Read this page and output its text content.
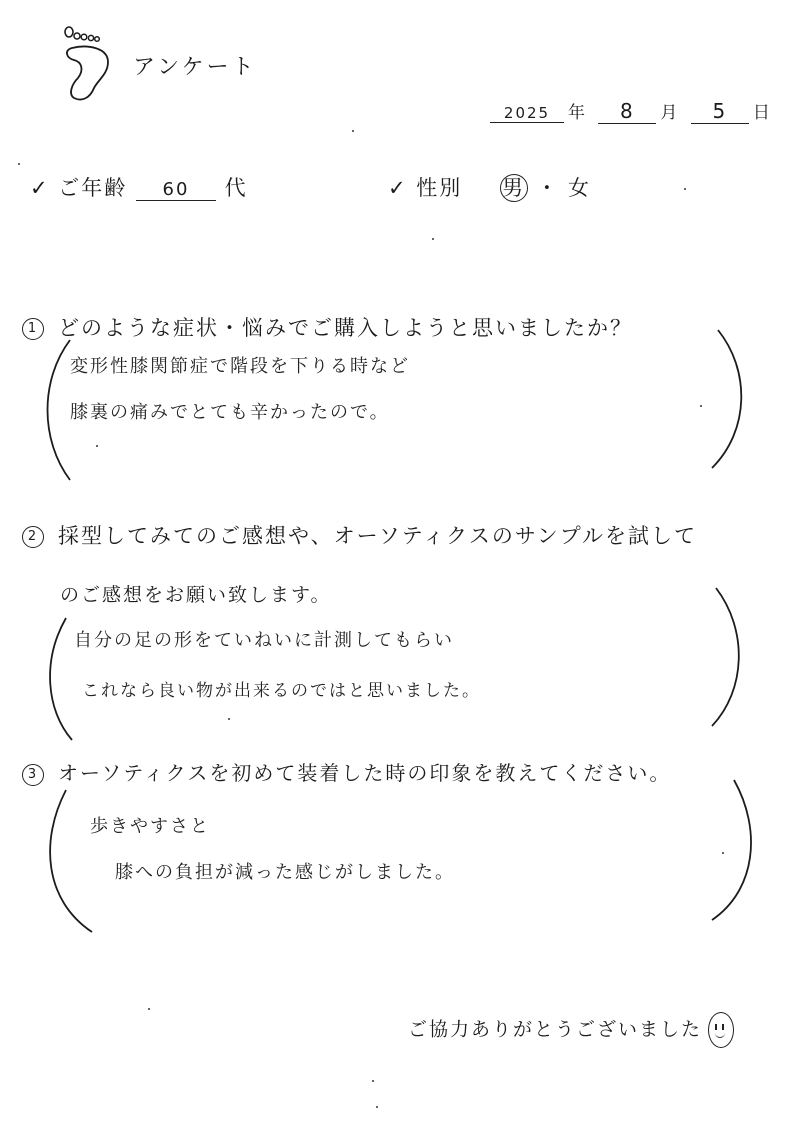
アンケート
2025 年 8 月 5 日
✓ ご年齢 60 代	✓ 性別 男 ・ 女
1 どのような症状・悩みでご購入しようと思いましたか？
変形性膝関節症で階段を下りる時など
膝裏の痛みでとても辛かったので。
2 採型してみてのご感想や、オーソティクスのサンプルを試して
のご感想をお願い致します。
自分の足の形をていねいに計測してもらい
これなら良い物が出来るのではと思いました。
3 オーソティクスを初めて装着した時の印象を教えてください。
歩きやすさと
膝への負担が減った感じがしました。
ご協力ありがとうございました
